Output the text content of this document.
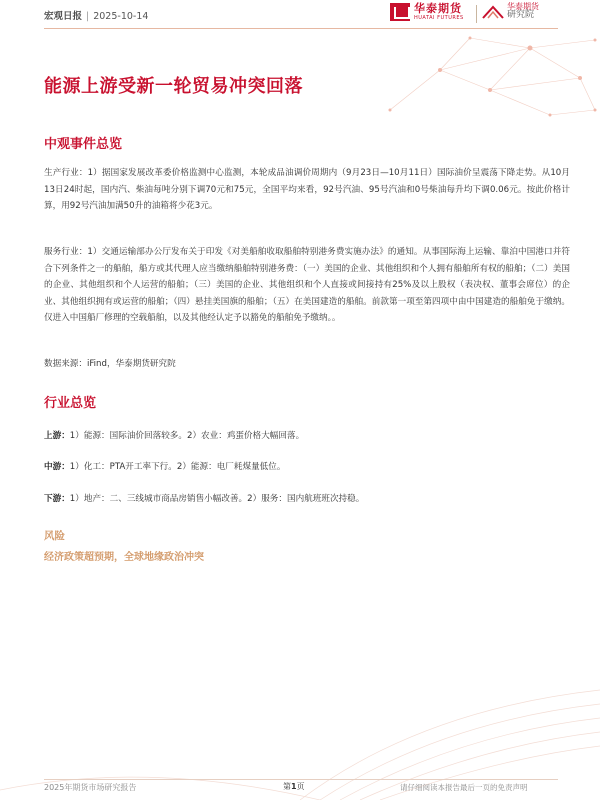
宏观日报 | 2025-10-14
华泰期货
HUATAI FUTURES
华泰期货
研究院
能源上游受新一轮贸易冲突回落
中观事件总览
生产行业：1）据国家发展改革委价格监测中心监测，本轮成品油调价周期内（9月23日—10月11日）国际油价呈震荡下降走势。从10月13日24时起，国内汽、柴油每吨分别下调70元和75元，全国平均来看，92号汽油、95号汽油和0号柴油每升均下调0.06元。按此价格计算，用92号汽油加满50升的油箱将少花3元。
服务行业：1）交通运输部办公厅发布关于印发《对美船舶收取船舶特别港务费实施办法》的通知。从事国际海上运输、靠泊中国港口并符合下列条件之一的船舶，船方或其代理人应当缴纳船舶特别港务费：（一）美国的企业、其他组织和个人拥有船舶所有权的船舶；（二）美国的企业、其他组织和个人运营的船舶；（三）美国的企业、其他组织和个人直接或间接持有25%及以上股权（表决权、董事会席位）的企业、其他组织拥有或运营的船舶；（四）悬挂美国旗的船舶；（五）在美国建造的船舶。前款第一项至第四项中由中国建造的船舶免于缴纳。仅进入中国船厂修理的空载船舶，以及其他经认定予以豁免的船舶免予缴纳。。
数据来源：iFind，华泰期货研究院
行业总览
上游：1）能源：国际油价回落较多。2）农业：鸡蛋价格大幅回落。
中游：1）化工：PTA开工率下行。2）能源：电厂耗煤量低位。
下游：1）地产：二、三线城市商品房销售小幅改善。2）服务：国内航班班次持稳。
风险
经济政策超预期，全球地缘政治冲突
2025年期货市场研究报告	第1页	请仔细阅读本报告最后一页的免责声明
